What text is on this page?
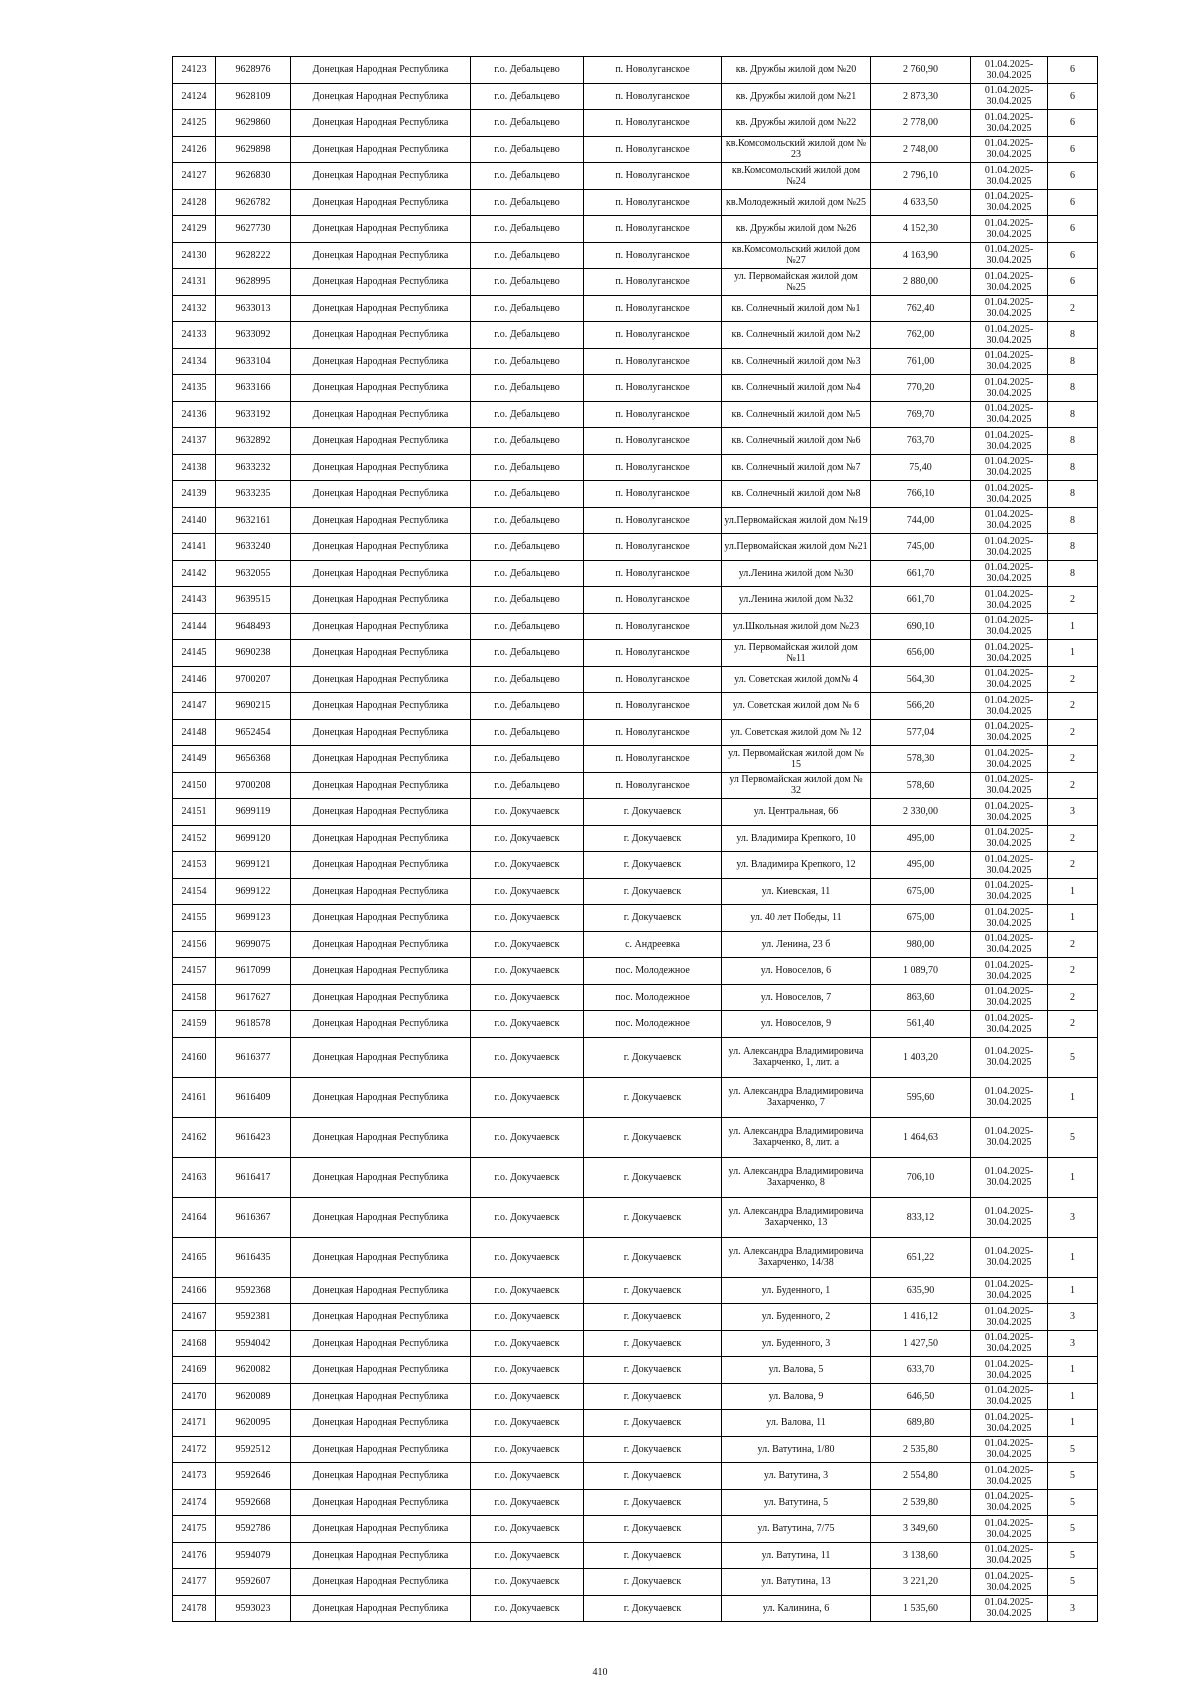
24123	9628976	Донецкая Народная Республика	г.о. Дебальцево	п. Новолуганское	кв. Дружбы жилой дом №20	2 760,90	01.04.2025-30.04.2025	6
24124	9628109	Донецкая Народная Республика	г.о. Дебальцево	п. Новолуганское	кв. Дружбы жилой дом №21	2 873,30	01.04.2025-30.04.2025	6
24125	9629860	Донецкая Народная Республика	г.о. Дебальцево	п. Новолуганское	кв. Дружбы жилой дом №22	2 778,00	01.04.2025-30.04.2025	6
24126	9629898	Донецкая Народная Республика	г.о. Дебальцево	п. Новолуганское	кв.Комсомольский жилой дом № 23	2 748,00	01.04.2025-30.04.2025	6
24127	9626830	Донецкая Народная Республика	г.о. Дебальцево	п. Новолуганское	кв.Комсомольский жилой дом №24	2 796,10	01.04.2025-30.04.2025	6
24128	9626782	Донецкая Народная Республика	г.о. Дебальцево	п. Новолуганское	кв.Молодежный жилой дом №25	4 633,50	01.04.2025-30.04.2025	6
24129	9627730	Донецкая Народная Республика	г.о. Дебальцево	п. Новолуганское	кв. Дружбы жилой дом №26	4 152,30	01.04.2025-30.04.2025	6
24130	9628222	Донецкая Народная Республика	г.о. Дебальцево	п. Новолуганское	кв.Комсомольский жилой дом №27	4 163,90	01.04.2025-30.04.2025	6
24131	9628995	Донецкая Народная Республика	г.о. Дебальцево	п. Новолуганское	ул. Первомайская жилой дом №25	2 880,00	01.04.2025-30.04.2025	6
24132	9633013	Донецкая Народная Республика	г.о. Дебальцево	п. Новолуганское	кв. Солнечный жилой дом №1	762,40	01.04.2025-30.04.2025	2
24133	9633092	Донецкая Народная Республика	г.о. Дебальцево	п. Новолуганское	кв. Солнечный жилой дом №2	762,00	01.04.2025-30.04.2025	8
24134	9633104	Донецкая Народная Республика	г.о. Дебальцево	п. Новолуганское	кв. Солнечный жилой дом №3	761,00	01.04.2025-30.04.2025	8
24135	9633166	Донецкая Народная Республика	г.о. Дебальцево	п. Новолуганское	кв. Солнечный жилой дом №4	770,20	01.04.2025-30.04.2025	8
24136	9633192	Донецкая Народная Республика	г.о. Дебальцево	п. Новолуганское	кв. Солнечный жилой дом №5	769,70	01.04.2025-30.04.2025	8
24137	9632892	Донецкая Народная Республика	г.о. Дебальцево	п. Новолуганское	кв. Солнечный жилой дом №6	763,70	01.04.2025-30.04.2025	8
24138	9633232	Донецкая Народная Республика	г.о. Дебальцево	п. Новолуганское	кв. Солнечный жилой дом №7	75,40	01.04.2025-30.04.2025	8
24139	9633235	Донецкая Народная Республика	г.о. Дебальцево	п. Новолуганское	кв. Солнечный жилой дом №8	766,10	01.04.2025-30.04.2025	8
24140	9632161	Донецкая Народная Республика	г.о. Дебальцево	п. Новолуганское	ул.Первомайская жилой дом №19	744,00	01.04.2025-30.04.2025	8
24141	9633240	Донецкая Народная Республика	г.о. Дебальцево	п. Новолуганское	ул.Первомайская жилой дом №21	745,00	01.04.2025-30.04.2025	8
24142	9632055	Донецкая Народная Республика	г.о. Дебальцево	п. Новолуганское	ул.Ленина жилой дом №30	661,70	01.04.2025-30.04.2025	8
24143	9639515	Донецкая Народная Республика	г.о. Дебальцево	п. Новолуганское	ул.Ленина жилой дом №32	661,70	01.04.2025-30.04.2025	2
24144	9648493	Донецкая Народная Республика	г.о. Дебальцево	п. Новолуганское	ул.Школьная жилой дом №23	690,10	01.04.2025-30.04.2025	1
24145	9690238	Донецкая Народная Республика	г.о. Дебальцево	п. Новолуганское	ул. Первомайская жилой дом №11	656,00	01.04.2025-30.04.2025	1
24146	9700207	Донецкая Народная Республика	г.о. Дебальцево	п. Новолуганское	ул. Советская жилой дом№ 4	564,30	01.04.2025-30.04.2025	2
24147	9690215	Донецкая Народная Республика	г.о. Дебальцево	п. Новолуганское	ул. Советская жилой дом № 6	566,20	01.04.2025-30.04.2025	2
24148	9652454	Донецкая Народная Республика	г.о. Дебальцево	п. Новолуганское	ул. Советская жилой дом № 12	577,04	01.04.2025-30.04.2025	2
24149	9656368	Донецкая Народная Республика	г.о. Дебальцево	п. Новолуганское	ул. Первомайская жилой дом № 15	578,30	01.04.2025-30.04.2025	2
24150	9700208	Донецкая Народная Республика	г.о. Дебальцево	п. Новолуганское	ул Первомайская жилой дом № 32	578,60	01.04.2025-30.04.2025	2
24151	9699119	Донецкая Народная Республика	г.о. Докучаевск	г. Докучаевск	ул. Центральная, 66	2 330,00	01.04.2025-30.04.2025	3
24152	9699120	Донецкая Народная Республика	г.о. Докучаевск	г. Докучаевск	ул. Владимира Крепкого, 10	495,00	01.04.2025-30.04.2025	2
24153	9699121	Донецкая Народная Республика	г.о. Докучаевск	г. Докучаевск	ул. Владимира Крепкого, 12	495,00	01.04.2025-30.04.2025	2
24154	9699122	Донецкая Народная Республика	г.о. Докучаевск	г. Докучаевск	ул. Киевская, 11	675,00	01.04.2025-30.04.2025	1
24155	9699123	Донецкая Народная Республика	г.о. Докучаевск	г. Докучаевск	ул. 40 лет Победы, 11	675,00	01.04.2025-30.04.2025	1
24156	9699075	Донецкая Народная Республика	г.о. Докучаевск	с. Андреевка	ул. Ленина, 23 б	980,00	01.04.2025-30.04.2025	2
24157	9617099	Донецкая Народная Республика	г.о. Докучаевск	пос. Молодежное	ул. Новоселов, 6	1 089,70	01.04.2025-30.04.2025	2
24158	9617627	Донецкая Народная Республика	г.о. Докучаевск	пос. Молодежное	ул. Новоселов, 7	863,60	01.04.2025-30.04.2025	2
24159	9618578	Донецкая Народная Республика	г.о. Докучаевск	пос. Молодежное	ул. Новоселов, 9	561,40	01.04.2025-30.04.2025	2
24160	9616377	Донецкая Народная Республика	г.о. Докучаевск	г. Докучаевск	ул. Александра Владимировича Захарченко, 1, лит. а	1 403,20	01.04.2025-30.04.2025	5
24161	9616409	Донецкая Народная Республика	г.о. Докучаевск	г. Докучаевск	ул. Александра Владимировича Захарченко, 7	595,60	01.04.2025-30.04.2025	1
24162	9616423	Донецкая Народная Республика	г.о. Докучаевск	г. Докучаевск	ул. Александра Владимировича Захарченко, 8, лит. а	1 464,63	01.04.2025-30.04.2025	5
24163	9616417	Донецкая Народная Республика	г.о. Докучаевск	г. Докучаевск	ул. Александра Владимировича Захарченко, 8	706,10	01.04.2025-30.04.2025	1
24164	9616367	Донецкая Народная Республика	г.о. Докучаевск	г. Докучаевск	ул. Александра Владимировича Захарченко, 13	833,12	01.04.2025-30.04.2025	3
24165	9616435	Донецкая Народная Республика	г.о. Докучаевск	г. Докучаевск	ул. Александра Владимировича Захарченко, 14/38	651,22	01.04.2025-30.04.2025	1
24166	9592368	Донецкая Народная Республика	г.о. Докучаевск	г. Докучаевск	ул. Буденного, 1	635,90	01.04.2025-30.04.2025	1
24167	9592381	Донецкая Народная Республика	г.о. Докучаевск	г. Докучаевск	ул. Буденного, 2	1 416,12	01.04.2025-30.04.2025	3
24168	9594042	Донецкая Народная Республика	г.о. Докучаевск	г. Докучаевск	ул. Буденного, 3	1 427,50	01.04.2025-30.04.2025	3
24169	9620082	Донецкая Народная Республика	г.о. Докучаевск	г. Докучаевск	ул. Валова, 5	633,70	01.04.2025-30.04.2025	1
24170	9620089	Донецкая Народная Республика	г.о. Докучаевск	г. Докучаевск	ул. Валова, 9	646,50	01.04.2025-30.04.2025	1
24171	9620095	Донецкая Народная Республика	г.о. Докучаевск	г. Докучаевск	ул. Валова, 11	689,80	01.04.2025-30.04.2025	1
24172	9592512	Донецкая Народная Республика	г.о. Докучаевск	г. Докучаевск	ул. Ватутина, 1/80	2 535,80	01.04.2025-30.04.2025	5
24173	9592646	Донецкая Народная Республика	г.о. Докучаевск	г. Докучаевск	ул. Ватутина, 3	2 554,80	01.04.2025-30.04.2025	5
24174	9592668	Донецкая Народная Республика	г.о. Докучаевск	г. Докучаевск	ул. Ватутина, 5	2 539,80	01.04.2025-30.04.2025	5
24175	9592786	Донецкая Народная Республика	г.о. Докучаевск	г. Докучаевск	ул. Ватутина, 7/75	3 349,60	01.04.2025-30.04.2025	5
24176	9594079	Донецкая Народная Республика	г.о. Докучаевск	г. Докучаевск	ул. Ватутина, 11	3 138,60	01.04.2025-30.04.2025	5
24177	9592607	Донецкая Народная Республика	г.о. Докучаевск	г. Докучаевск	ул. Ватутина, 13	3 221,20	01.04.2025-30.04.2025	5
24178	9593023	Донецкая Народная Республика	г.о. Докучаевск	г. Докучаевск	ул. Калинина, 6	1 535,60	01.04.2025-30.04.2025	3
410
